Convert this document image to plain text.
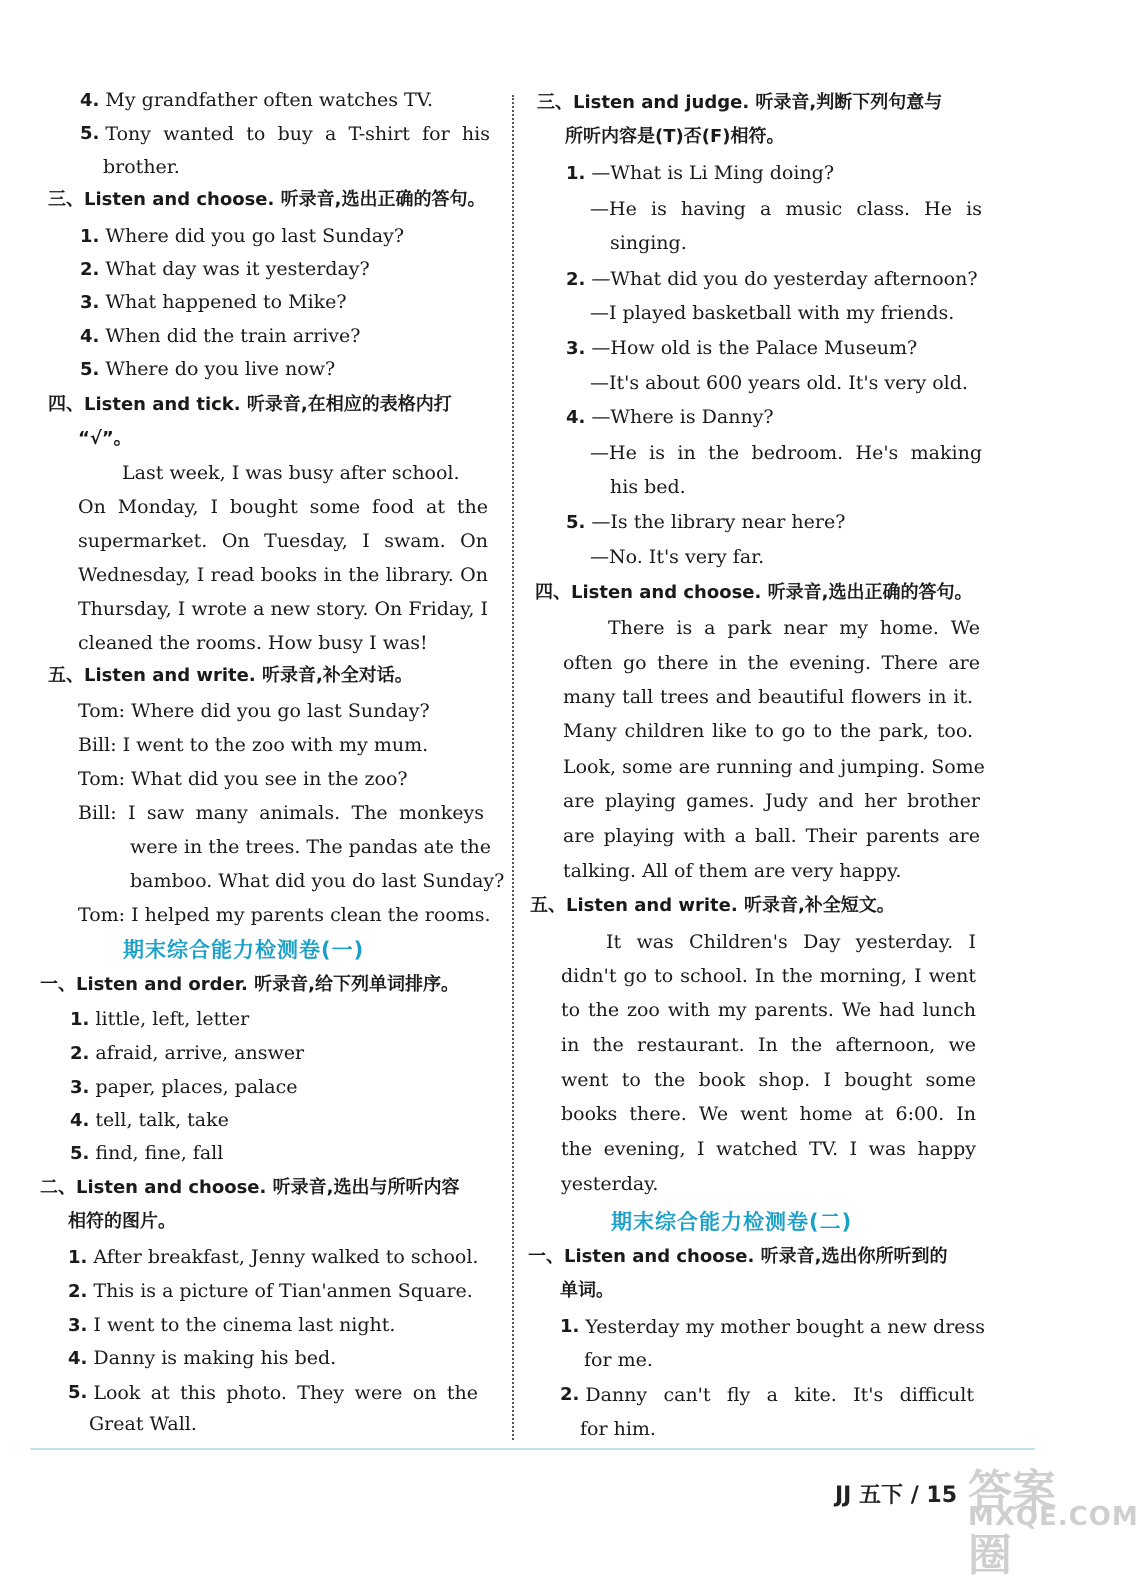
4. My grandfather often watches TV.
5. Tony wanted to buy a T-shirt for his
brother.
三、Listen and choose. 听录音,选出正确的答句。
1. Where did you go last Sunday?
2. What day was it yesterday?
3. What happened to Mike?
4. When did the train arrive?
5. Where do you live now?
四、Listen and tick. 听录音,在相应的表格内打
“√”。
Last week, I was busy after school.
On Monday, I bought some food at the
supermarket. On Tuesday, I swam. On
Wednesday, I read books in the library. On
Thursday, I wrote a new story. On Friday, I
cleaned the rooms. How busy I was!
五、Listen and write. 听录音,补全对话。
Tom: Where did you go last Sunday?
Bill: I went to the zoo with my mum.
Tom: What did you see in the zoo?
Bill: I saw many animals. The monkeys
were in the trees. The pandas ate the
bamboo. What did you do last Sunday?
Tom: I helped my parents clean the rooms.
期末综合能力检测卷(一)
一、Listen and order. 听录音,给下列单词排序。
1. little, left, letter
2. afraid, arrive, answer
3. paper, places, palace
4. tell, talk, take
5. find, fine, fall
二、Listen and choose. 听录音,选出与所听内容
相符的图片。
1. After breakfast, Jenny walked to school.
2. This is a picture of Tian'anmen Square.
3. I went to the cinema last night.
4. Danny is making his bed.
5. Look at this photo. They were on the
Great Wall.
三、Listen and judge. 听录音,判断下列句意与
所听内容是(T)否(F)相符。
1. —What is Li Ming doing?
—He is having a music class. He is
singing.
2. —What did you do yesterday afternoon?
—I played basketball with my friends.
3. —How old is the Palace Museum?
—It's about 600 years old. It's very old.
4. —Where is Danny?
—He is in the bedroom. He's making
his bed.
5. —Is the library near here?
—No. It's very far.
四、Listen and choose. 听录音,选出正确的答句。
There is a park near my home. We
often go there in the evening. There are
many tall trees and beautiful flowers in it.
Many children like to go to the park, too.
Look, some are running and jumping. Some
are playing games. Judy and her brother
are playing with a ball. Their parents are
talking. All of them are very happy.
五、Listen and write. 听录音,补全短文。
It was Children's Day yesterday. I
didn't go to school. In the morning, I went
to the zoo with my parents. We had lunch
in the restaurant. In the afternoon, we
went to the book shop. I bought some
books there. We went home at 6:00. In
the evening, I watched TV. I was happy
yesterday.
期末综合能力检测卷(二)
一、Listen and choose. 听录音,选出你所听到的
单词。
1. Yesterday my mother bought a new dress
for me.
2. Danny can't fly a kite. It's difficult
for him.
JJ 五下 / 15 答案圈
MXQE.COM
